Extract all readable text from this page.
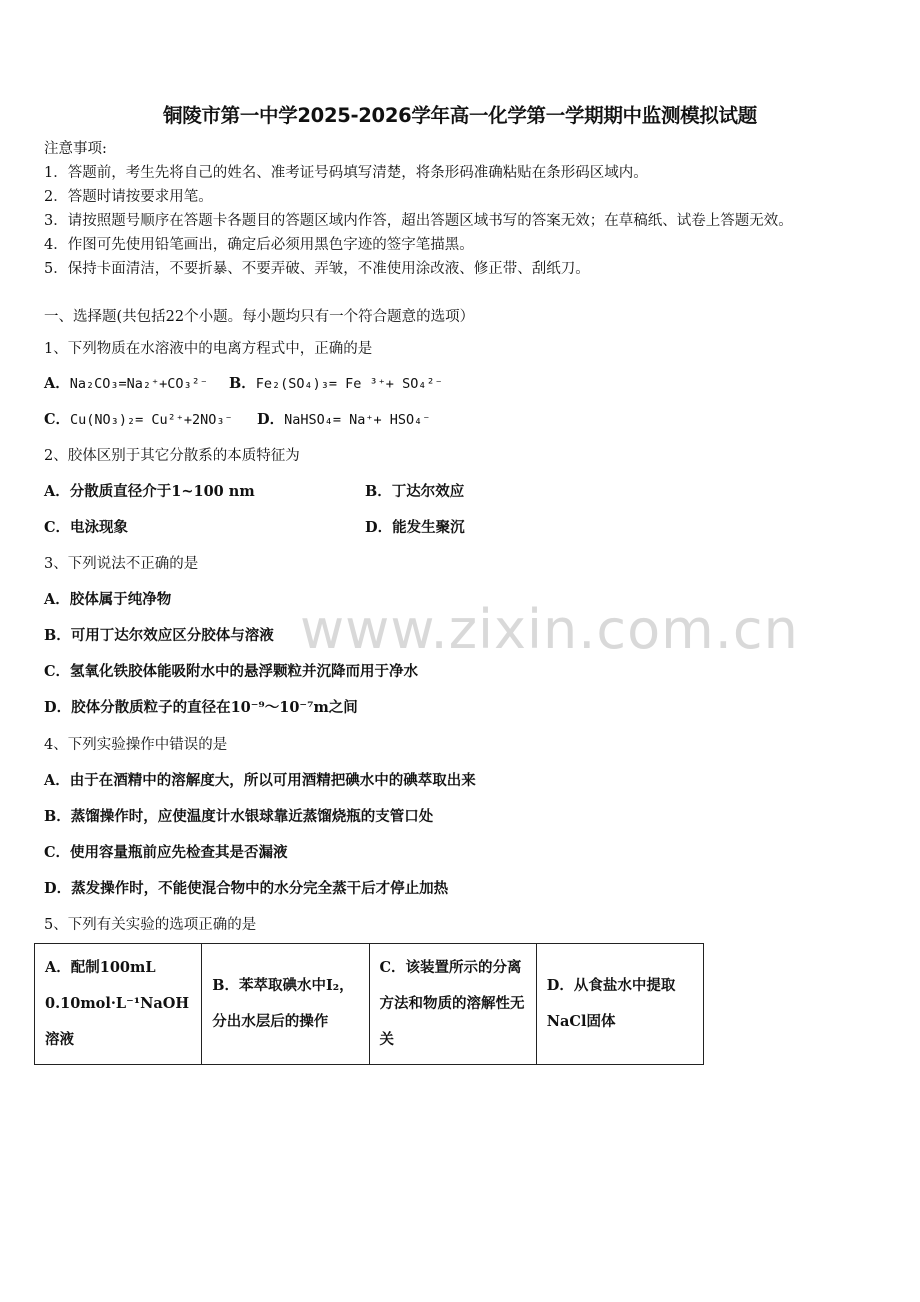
www.zixin.com.cn
铜陵市第一中学2025-2026学年高一化学第一学期期中监测模拟试题
注意事项:
1．答题前，考生先将自己的姓名、准考证号码填写清楚，将条形码准确粘贴在条形码区域内。
2．答题时请按要求用笔。
3．请按照题号顺序在答题卡各题目的答题区域内作答，超出答题区域书写的答案无效；在草稿纸、试卷上答题无效。
4．作图可先使用铅笔画出，确定后必须用黑色字迹的签字笔描黑。
5．保持卡面清洁，不要折暴、不要弄破、弄皱，不准使用涂改液、修正带、刮纸刀。
一、选择题(共包括22个小题。每小题均只有一个符合题意的选项）
1、下列物质在水溶液中的电离方程式中，正确的是
A．Na₂CO₃=Na₂⁺+CO₃²⁻ B．Fe₂(SO₄)₃= Fe ³⁺+ SO₄²⁻
C．Cu(NO₃)₂= Cu²⁺+2NO₃⁻ D．NaHSO₄= Na⁺+ HSO₄⁻
2、胶体区别于其它分散系的本质特征为
A．分散质直径介于1~100 nm	B．丁达尔效应
C．电泳现象	D．能发生聚沉
3、下列说法不正确的是
A．胶体属于纯净物
B．可用丁达尔效应区分胶体与溶液
C．氢氧化铁胶体能吸附水中的悬浮颗粒并沉降而用于净水
D．胶体分散质粒子的直径在10⁻⁹～10⁻⁷m之间
4、下列实验操作中错误的是
A．由于在酒精中的溶解度大，所以可用酒精把碘水中的碘萃取出来
B．蒸馏操作时，应使温度计水银球靠近蒸馏烧瓶的支管口处
C．使用容量瓶前应先检查其是否漏液
D．蒸发操作时，不能使混合物中的水分完全蒸干后才停止加热
5、下列有关实验的选项正确的是
A．配制100mL 0.10mol·L⁻¹NaOH溶液	B．苯萃取碘水中I₂，分出水层后的操作	C．该装置所示的分离方法和物质的溶解性无关	D．从食盐水中提取NaCl固体
